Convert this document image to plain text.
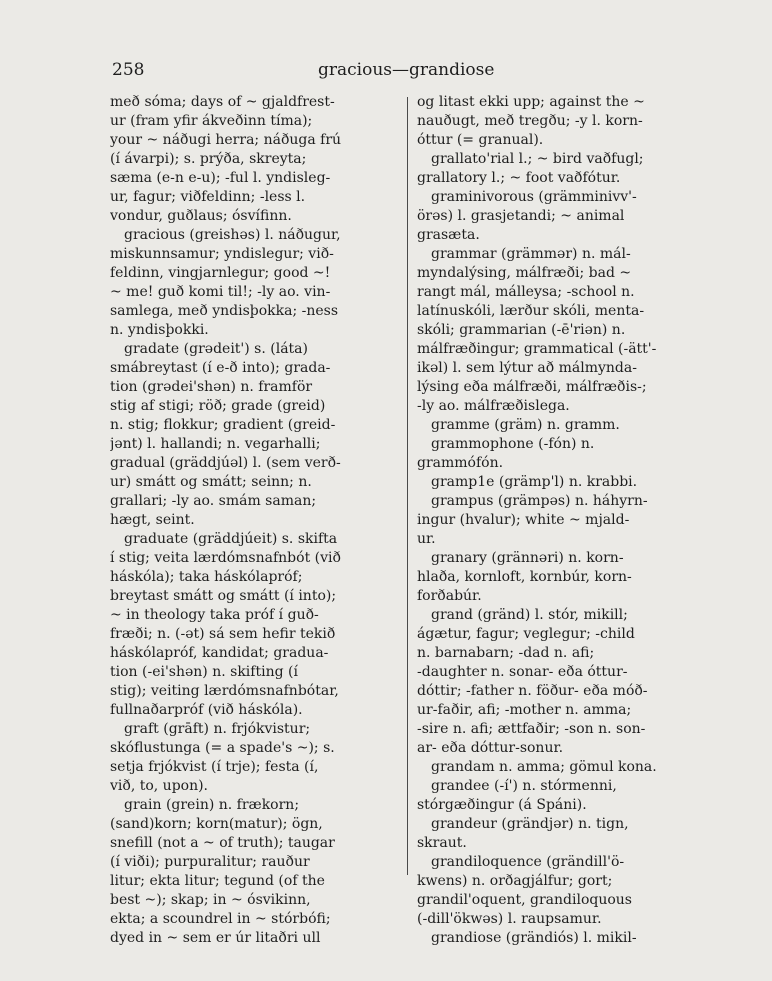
258	gracious—grandiose
með sóma; days of ~ gjaldfrest-
ur (fram yfir ákveðinn tíma);
your ~ náðugi herra; náðuga frú
(í ávarpi); s. prýða, skreyta;
sæma (e-n e-u); -ful l. yndisleg-
ur, fagur; viðfeldinn; -less l.
vondur, guðlaus; ósvífinn.
gracious (greishəs) l. náðugur,
miskunnsamur; yndislegur; við-
feldinn, vingjarnlegur; good ~!
~ me! guð komi til!; -ly ao. vin-
samlega, með yndisþokka; -ness
n. yndisþokki.
gradate (grədeit') s. (láta)
smábreytast (í e-ð into); grada-
tion (grədei'shən) n. framför
stig af stigi; röð; grade (greid)
n. stig; flokkur; gradient (greid-
jənt) l. hallandi; n. vegarhalli;
gradual (gräddjúəl) l. (sem verð-
ur) smátt og smátt; seinn; n.
grallari; -ly ao. smám saman;
hægt, seint.
graduate (gräddjúeit) s. skifta
í stig; veita lærdómsnafnbót (við
háskóla); taka háskólapróf;
breytast smátt og smátt (í into);
~ in theology taka próf í guð-
fræði; n. (-ət) sá sem hefir tekið
háskólapróf, kandidat; gradua-
tion (-ei'shən) n. skifting (í
stig); veiting lærdómsnafnbótar,
fullnaðarpróf (við háskóla).
graft (grāft) n. frjókvistur;
skóflustunga (= a spade's ~); s.
setja frjókvist (í trje); festa (í,
við, to, upon).
grain (grein) n. frækorn;
(sand)korn; korn(matur); ögn,
snefill (not a ~ of truth); taugar
(í viði); purpuralitur; rauður
litur; ekta litur; tegund (of the
best ~); skap; in ~ ósvikinn,
ekta; a scoundrel in ~ stórbófi;
dyed in ~ sem er úr litaðri ull
og litast ekki upp; against the ~
nauðugt, með tregðu; -y l. korn-
óttur (= granual).
grallato'rial l.; ~ bird vaðfugl;
grallatory l.; ~ foot vaðfótur.
graminivorous (grämminivv'-
örəs) l. grasjetandi; ~ animal
grasæta.
grammar (grämmər) n. mál-
myndalýsing, málfræði; bad ~
rangt mál, málleysa; -school n.
latínuskóli, lærður skóli, menta-
skóli; grammarian (-ē'riən) n.
málfræðingur; grammatical (-ätt'-
ikəl) l. sem lýtur að málmynda-
lýsing eða málfræði, málfræðis-;
-ly ao. málfræðislega.
gramme (gräm) n. gramm.
grammophone (-fón) n.
grammófón.
gramp1e (grämp'l) n. krabbi.
grampus (grämpəs) n. háhyrn-
ingur (hvalur); white ~ mjald-
ur.
granary (grännəri) n. korn-
hlaða, kornloft, kornbúr, korn-
forðabúr.
grand (gränd) l. stór, mikill;
ágætur, fagur; veglegur; -child
n. barnabarn; -dad n. afi;
-daughter n. sonar- eða óttur-
dóttir; -father n. föður- eða móð-
ur-faðir, afi; -mother n. amma;
-sire n. afi; ættfaðir; -son n. son-
ar- eða dóttur-sonur.
grandam n. amma; gömul kona.
grandee (-í') n. stórmenni,
stórgæðingur (á Spáni).
grandeur (grändjər) n. tign,
skraut.
grandiloquence (grändill'ö-
kwens) n. orðagjálfur; gort;
grandil'oquent, grandiloquous
(-dill'ökwəs) l. raupsamur.
grandiose (grändiós) l. mikil-
